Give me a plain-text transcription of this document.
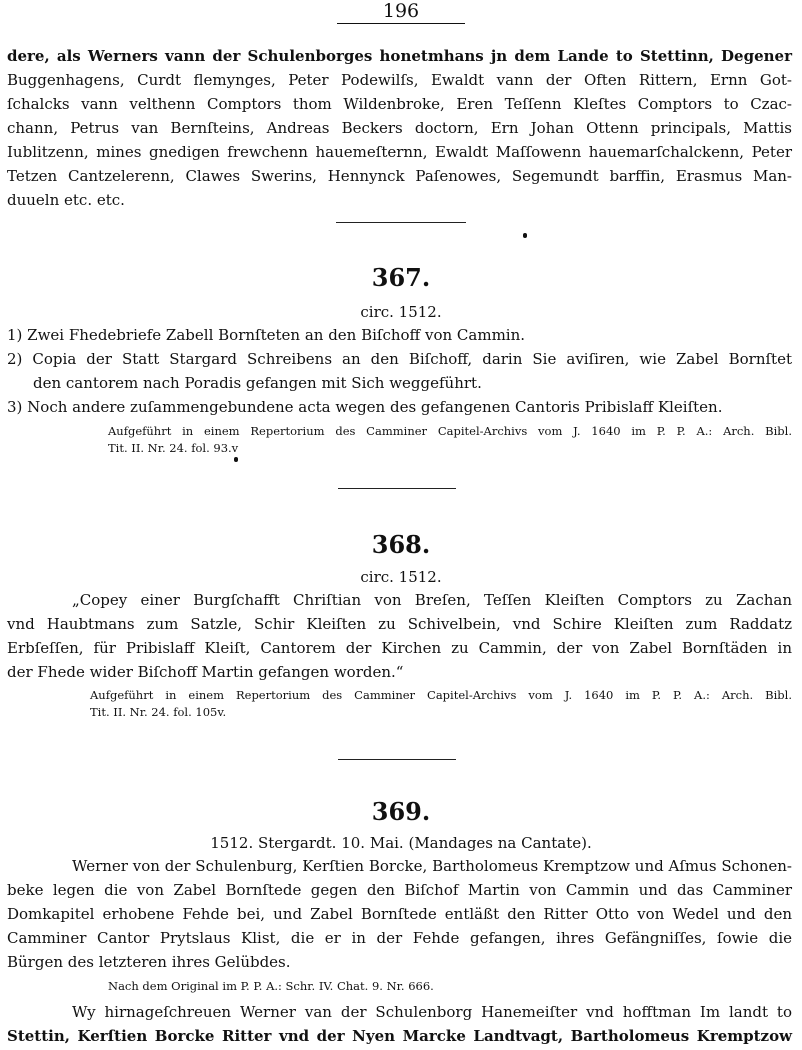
196
dere, als Werners vann der Schulenborges honetmhans jn dem Lande to Stettinn, Degener
Buggenhagens, Curdt flemynges, Peter Podewilſs, Ewaldt vann der Often Rittern, Ernn Got-
ſchalcks vann velthenn Comptors thom Wildenbroke, Eren Teſſenn Kleſtes Comptors to Czac-
chann, Petrus van Bernſteins, Andreas Beckers doctorn, Ern Johan Ottenn principals, Mattis
Iublitzenn, mines gnedigen frewchenn hauemeſternn, Ewaldt Maſſowenn hauemarſchalckenn, Peter
Tetzen Cantzelerenn, Clawes Swerins, Hennynck Paſenowes, Segemundt barffin, Erasmus Man-
duueln etc. etc.
367.
circ. 1512.
1) Zwei Fhedebriefe Zabell Bornſteten an den Biſchoff von Cammin.
2) Copia der Statt Stargard Schreibens an den Biſchoff, darin Sie aviſiren, wie Zabel Bornſtet
den cantorem nach Poradis gefangen mit Sich weggeführt.
3) Noch andere zuſammengebundene acta wegen des gefangenen Cantoris Pribislaff Kleiſten.
Aufgeführt in einem Repertorium des Camminer Capitel-Archivs vom J. 1640 im P. P. A.: Arch. Bibl.
Tit. II. Nr. 24. fol. 93.v
368.
circ. 1512.
„Copey einer Burgſchafft Chriſtian von Breſen, Teſſen Kleiſten Comptors zu Zachan
vnd Haubtmans zum Satzle, Schir Kleiſten zu Schivelbein, vnd Schire Kleiſten zum Raddatz
Erbſeſſen, für Pribislaff Kleiſt, Cantorem der Kirchen zu Cammin, der von Zabel Bornſtäden in
der Fhede wider Biſchoff Martin gefangen worden.“
Aufgeführt in einem Repertorium des Camminer Capitel-Archivs vom J. 1640 im P. P. A.: Arch. Bibl.
Tit. II. Nr. 24. fol. 105v.
369.
1512. Stergardt. 10. Mai. (Mandages na Cantate).
Werner von der Schulenburg, Kerſtien Borcke, Bartholomeus Kremptzow und Aſmus Schonen-
beke legen die von Zabel Bornſtede gegen den Biſchof Martin von Cammin und das Camminer
Domkapitel erhobene Fehde bei, und Zabel Bornſtede entläßt den Ritter Otto von Wedel und den
Camminer Cantor Prytslaus Klist, die er in der Fehde gefangen, ihres Gefängniſſes, ſowie die
Bürgen des letzteren ihres Gelübdes.
Nach dem Original im P. P. A.: Schr. IV. Chat. 9. Nr. 666.
Wy hirnageſchreuen Werner van der Schulenborg Hanemeiſter vnd hofftman Im landt to
Stettin, Kerſtien Borcke Ritter vnd der Nyen Marcke Landtvagt, Bartholomeus Kremptzow
